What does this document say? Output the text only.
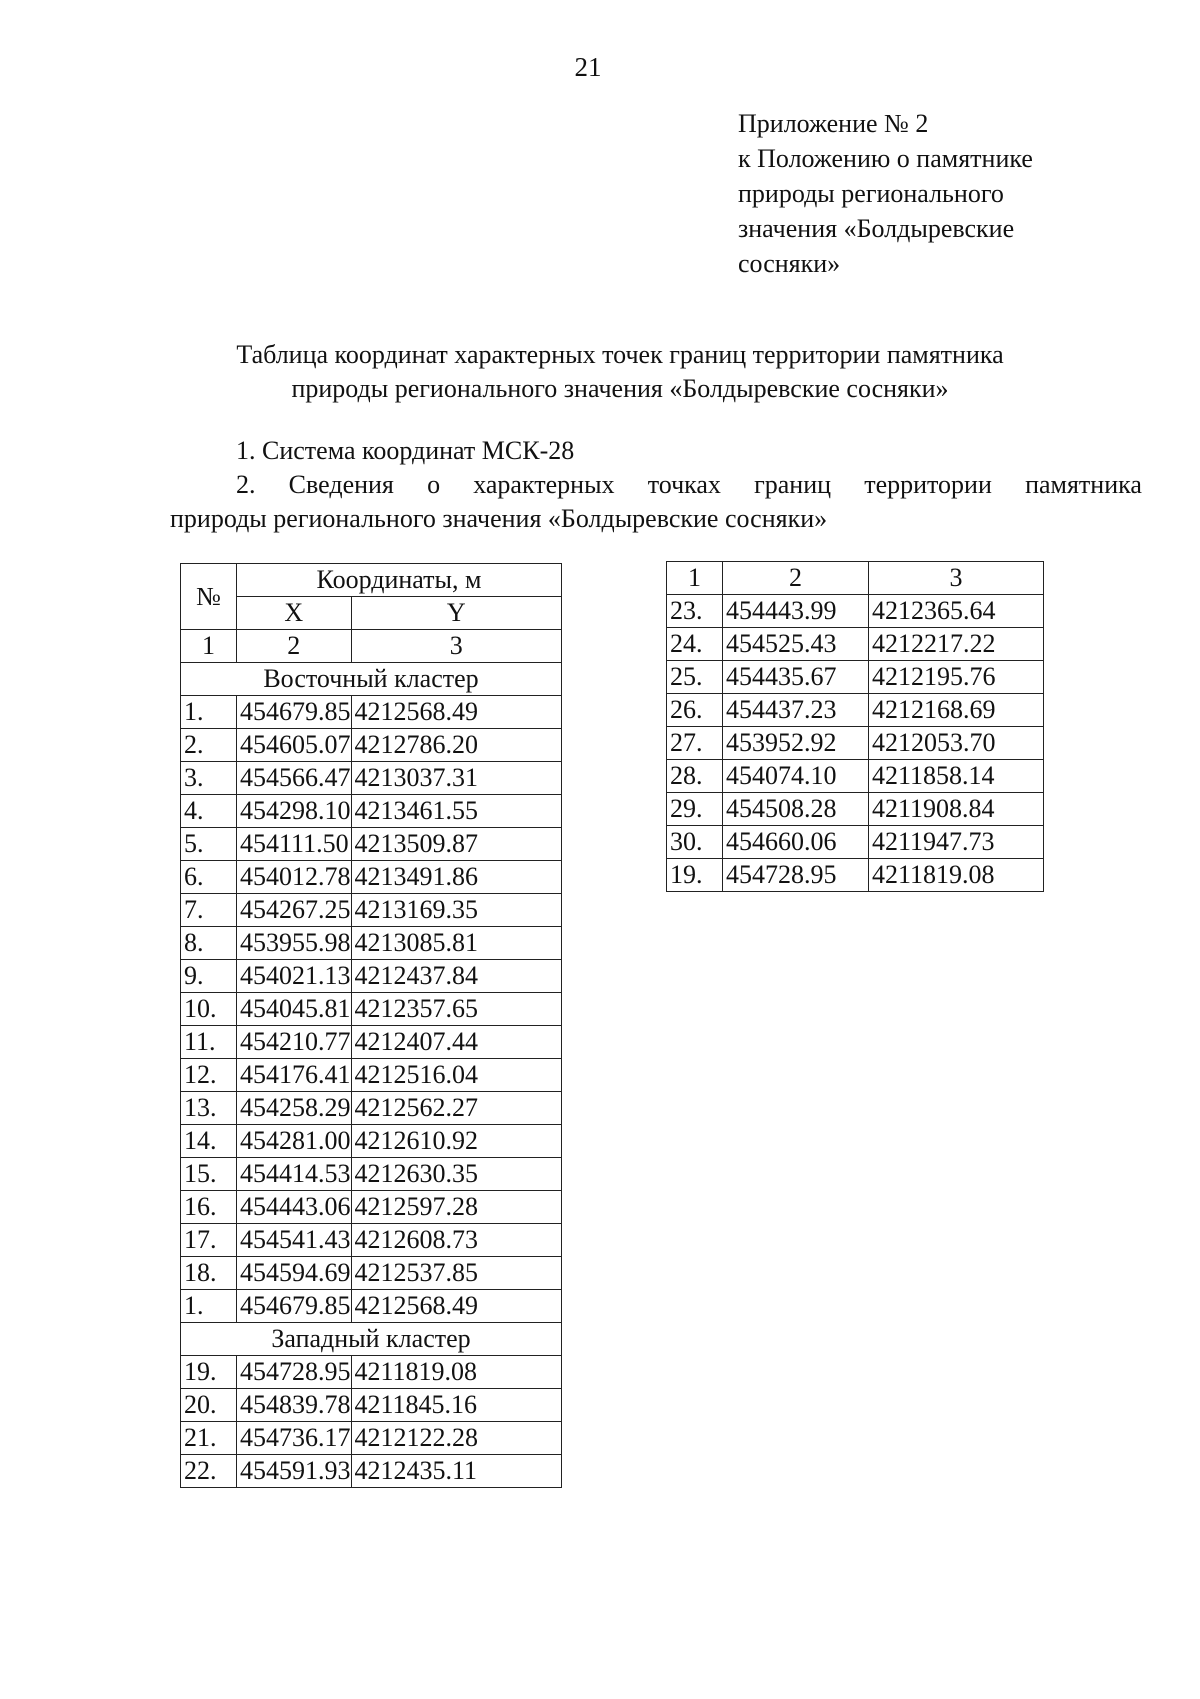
21
Приложение № 2
к Положению о памятнике
природы регионального
значения «Болдыревские
сосняки»
Таблица координат характерных точек границ территории памятника
природы регионального значения «Болдыревские сосняки»
1. Система координат МСК-28
2. Сведения о характерных точках границ территории памятника
природы регионального значения «Болдыревские сосняки»
№	Координаты, м	
	X	Y
1	2	3
Восточный кластер		
1.	454679.85	4212568.49
2.	454605.07	4212786.20
3.	454566.47	4213037.31
4.	454298.10	4213461.55
5.	454111.50	4213509.87
6.	454012.78	4213491.86
7.	454267.25	4213169.35
8.	453955.98	4213085.81
9.	454021.13	4212437.84
10.	454045.81	4212357.65
11.	454210.77	4212407.44
12.	454176.41	4212516.04
13.	454258.29	4212562.27
14.	454281.00	4212610.92
15.	454414.53	4212630.35
16.	454443.06	4212597.28
17.	454541.43	4212608.73
18.	454594.69	4212537.85
1.	454679.85	4212568.49
Западный кластер		
19.	454728.95	4211819.08
20.	454839.78	4211845.16
21.	454736.17	4212122.28
22.	454591.93	4212435.11
1	2	3
23.	454443.99	4212365.64
24.	454525.43	4212217.22
25.	454435.67	4212195.76
26.	454437.23	4212168.69
27.	453952.92	4212053.70
28.	454074.10	4211858.14
29.	454508.28	4211908.84
30.	454660.06	4211947.73
19.	454728.95	4211819.08
